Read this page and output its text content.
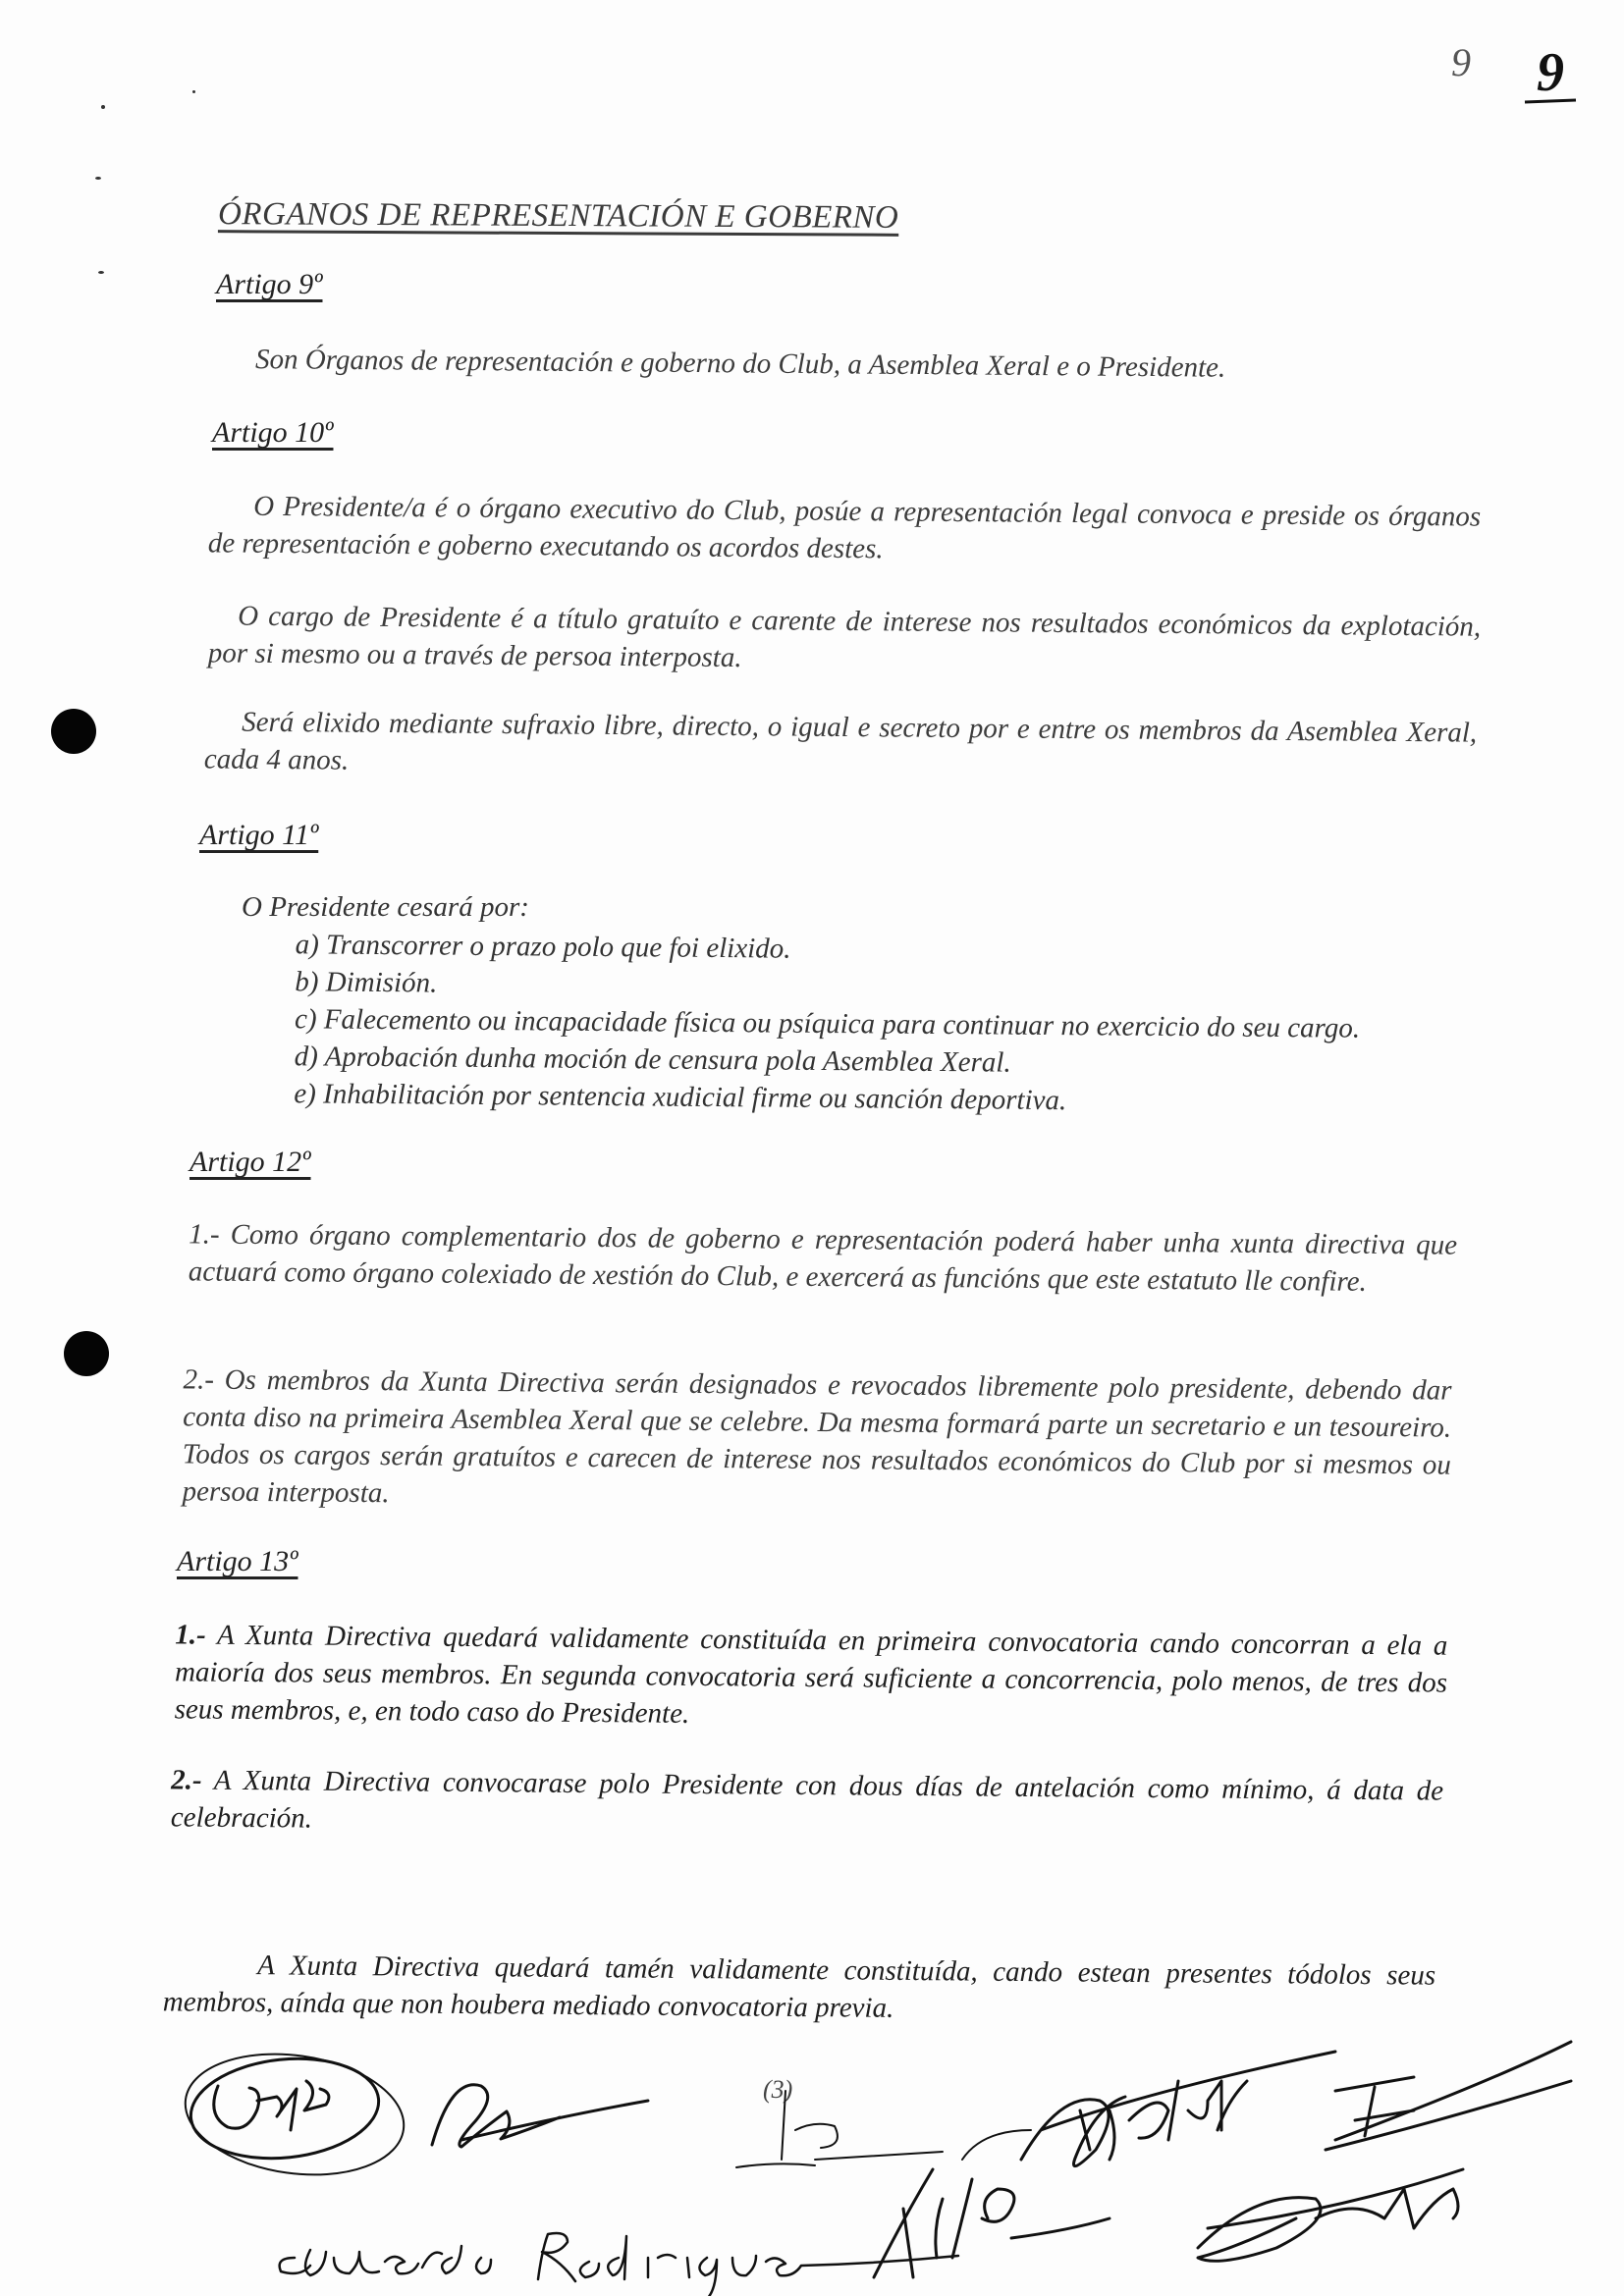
9 9
ÓRGANOS DE REPRESENTACIÓN E GOBERNO
Artigo 9º
Son Órganos de representación e goberno do Club, a Asemblea Xeral e o Presidente.
Artigo 10º
O Presidente/a é o órgano executivo do Club, posúe a representación legal convoca e preside os órganos de representación e goberno executando os acordos destes.
O cargo de Presidente é a título gratuíto e carente de interese nos resultados económicos da explotación, por si mesmo ou a través de persoa interposta.
Será elixido mediante sufraxio libre, directo, o igual e secreto por e entre os membros da Asemblea Xeral, cada 4 anos.
Artigo 11º
O Presidente cesará por:
a) Transcorrer o prazo polo que foi elixido.
b) Dimisión.
c) Falecemento ou incapacidade física ou psíquica para continuar no exercicio do seu cargo.
d) Aprobación dunha moción de censura pola Asemblea Xeral.
e) Inhabilitación por sentencia xudicial firme ou sanción deportiva.
Artigo 12º
1.- Como órgano complementario dos de goberno e representación poderá haber unha xunta directiva que actuará como órgano colexiado de xestión do Club, e exercerá as funcións que este estatuto lle confire.
2.- Os membros da Xunta Directiva serán designados e revocados libremente polo presidente, debendo dar conta diso na primeira Asemblea Xeral que se celebre. Da mesma formará parte un secretario e un tesoureiro. Todos os cargos serán gratuítos e carecen de interese nos resultados económicos do Club por si mesmos ou persoa interposta.
Artigo 13º
1.- A Xunta Directiva quedará validamente constituída en primeira convocatoria cando concorran a ela a maioría dos seus membros. En segunda convocatoria será suficiente a concorrencia, polo menos, de tres dos seus membros, e, en todo caso do Presidente.
2.- A Xunta Directiva convocarase polo Presidente con dous días de antelación como mínimo, á data de celebración.
A Xunta Directiva quedará tamén validamente constituída, cando estean presentes tódolos seus membros, aínda que non houbera mediado convocatoria previa.
(3)
